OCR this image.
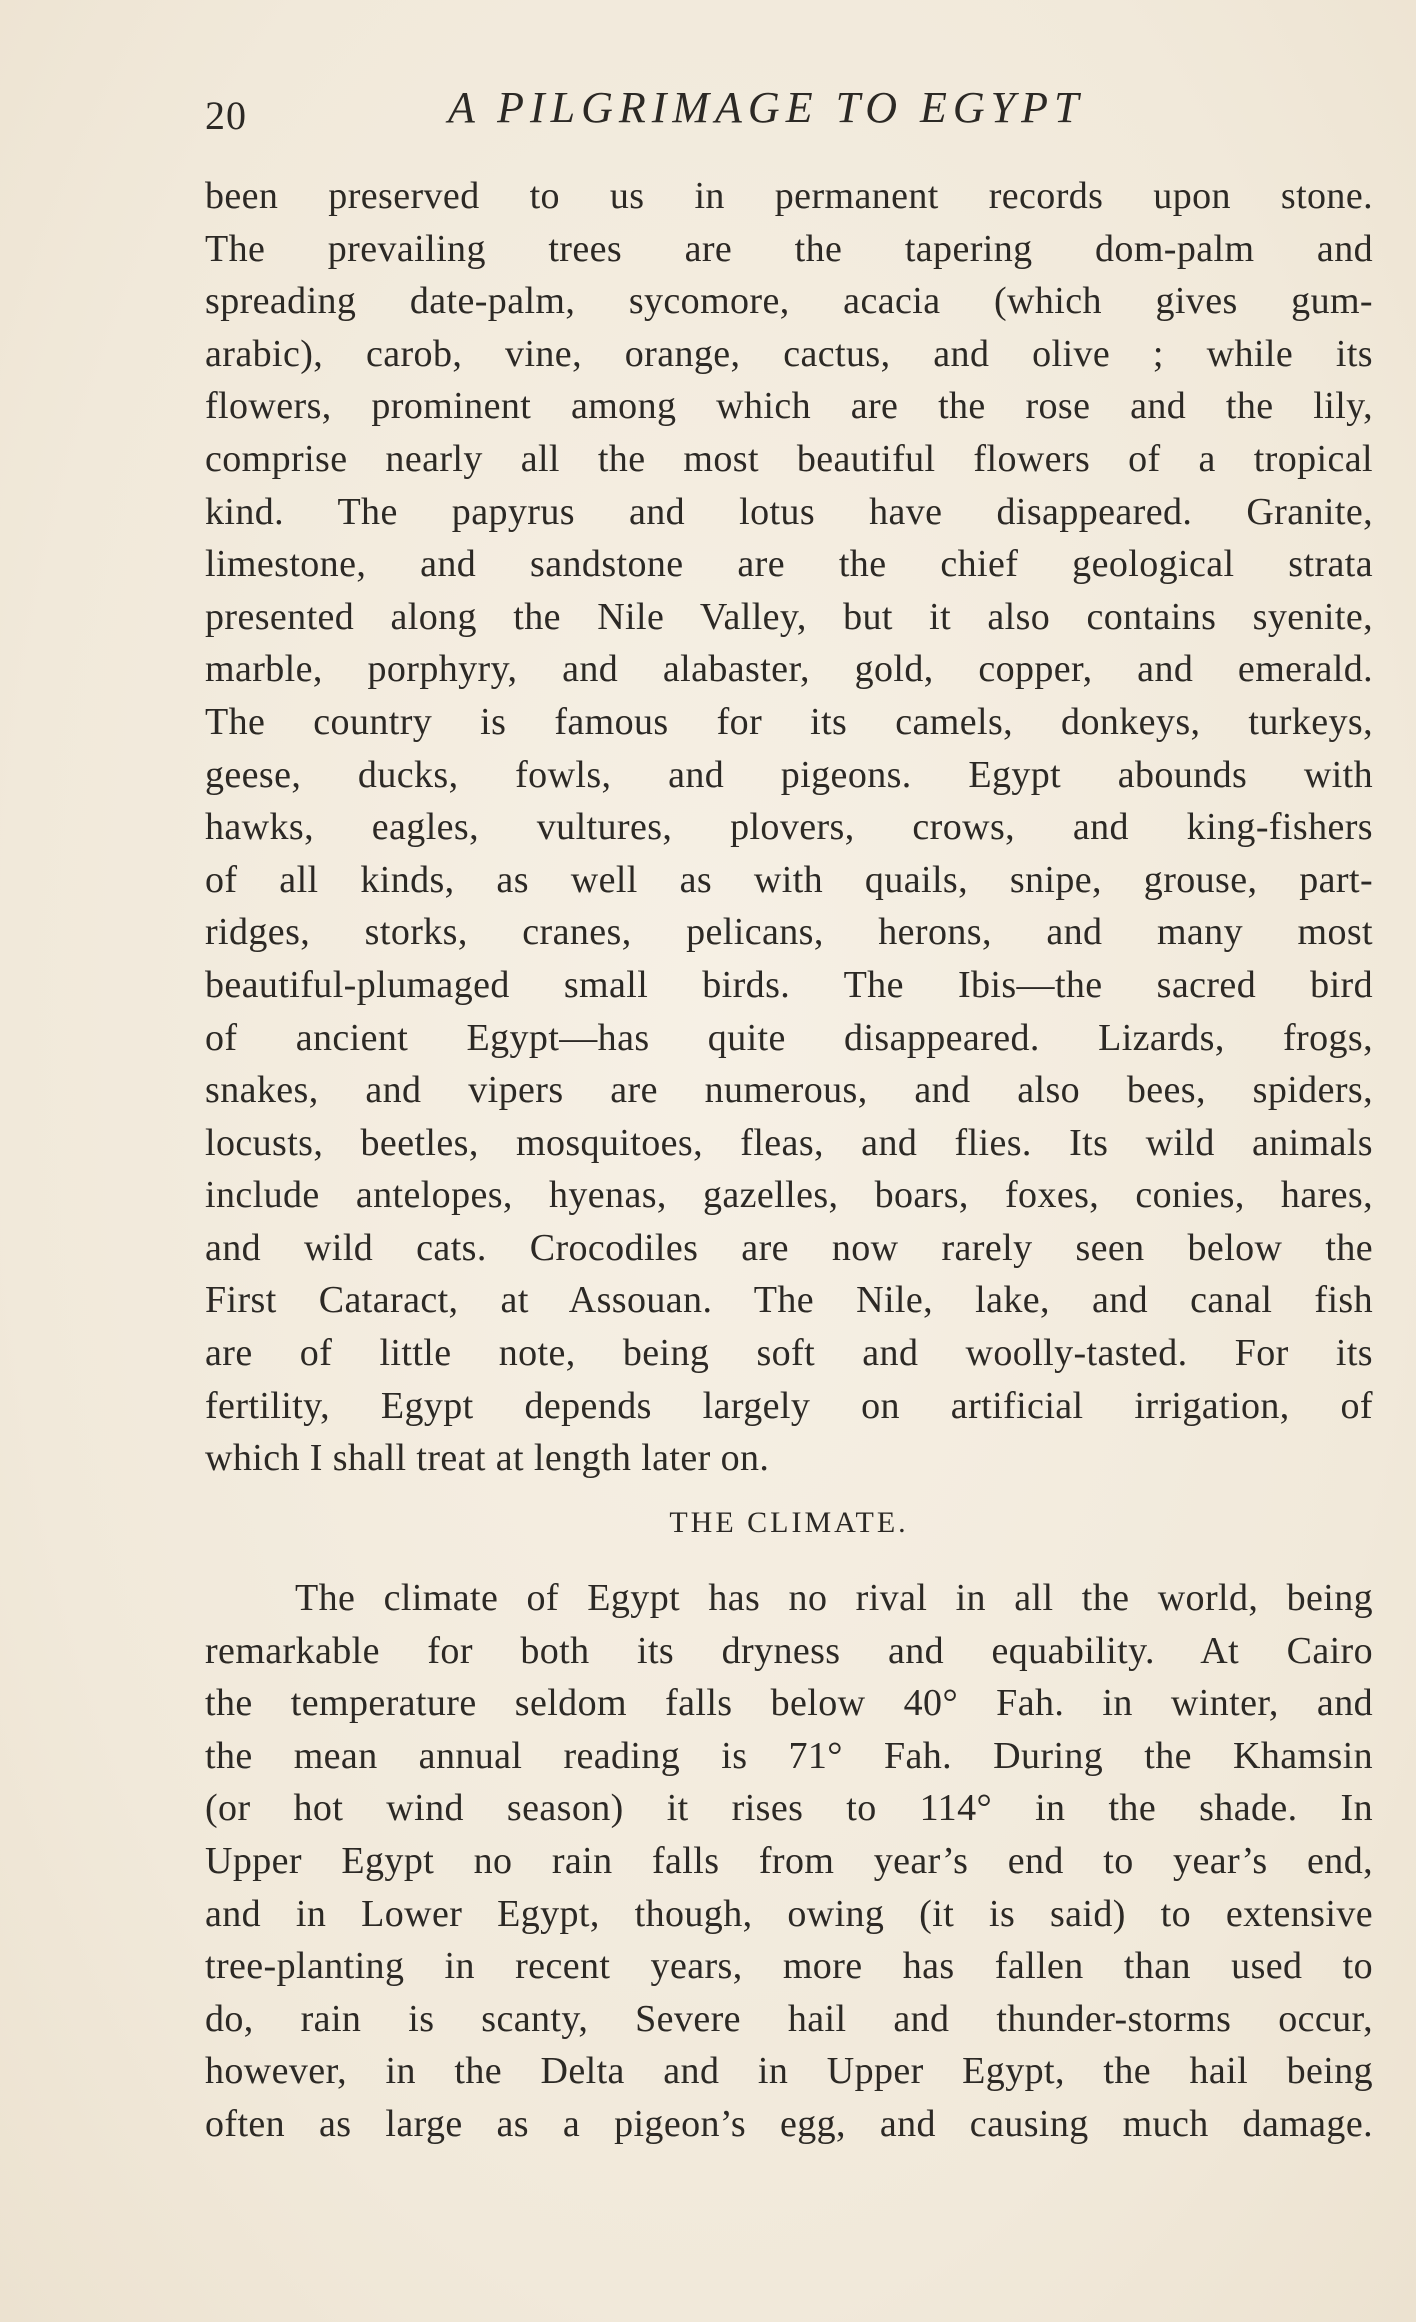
20	A PILGRIMAGE TO EGYPT
been preserved to us in permanent records upon stone.
The prevailing trees are the tapering dom-palm and
spreading date-palm, sycomore, acacia (which gives gum-
arabic), carob, vine, orange, cactus, and olive ; while its
flowers, prominent among which are the rose and the lily,
comprise nearly all the most beautiful flowers of a tropical
kind. The papyrus and lotus have disappeared. Granite,
limestone, and sandstone are the chief geological strata
presented along the Nile Valley, but it also contains syenite,
marble, porphyry, and alabaster, gold, copper, and emerald.
The country is famous for its camels, donkeys, turkeys,
geese, ducks, fowls, and pigeons. Egypt abounds with
hawks, eagles, vultures, plovers, crows, and king-fishers
of all kinds, as well as with quails, snipe, grouse, part-
ridges, storks, cranes, pelicans, herons, and many most
beautiful-plumaged small birds. The Ibis—the sacred bird
of ancient Egypt—has quite disappeared. Lizards, frogs,
snakes, and vipers are numerous, and also bees, spiders,
locusts, beetles, mosquitoes, fleas, and flies. Its wild animals
include antelopes, hyenas, gazelles, boars, foxes, conies, hares,
and wild cats. Crocodiles are now rarely seen below the
First Cataract, at Assouan. The Nile, lake, and canal fish
are of little note, being soft and woolly-tasted. For its
fertility, Egypt depends largely on artificial irrigation, of
which I shall treat at length later on.
THE CLIMATE.
The climate of Egypt has no rival in all the world, being
remarkable for both its dryness and equability. At Cairo
the temperature seldom falls below 40° Fah. in winter, and
the mean annual reading is 71° Fah. During the Khamsin
(or hot wind season) it rises to 114° in the shade. In
Upper Egypt no rain falls from year’s end to year’s end,
and in Lower Egypt, though, owing (it is said) to extensive
tree-planting in recent years, more has fallen than used to
do, rain is scanty, Severe hail and thunder-storms occur,
however, in the Delta and in Upper Egypt, the hail being
often as large as a pigeon’s egg, and causing much damage.
